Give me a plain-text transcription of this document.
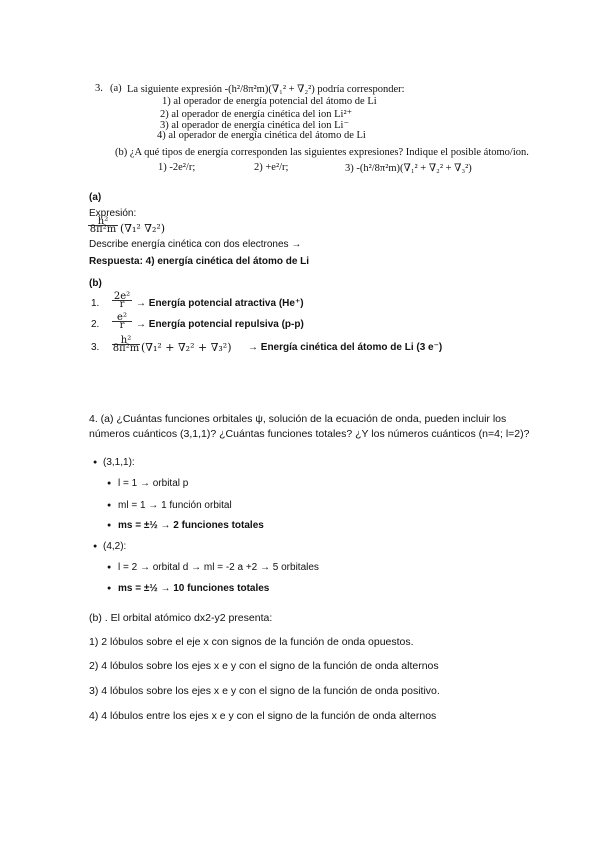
3. (a) La siguiente expresión -(h²/8π²m)(∇₁² + ∇₂²) podría corresponder:
1) al operador de energía potencial del átomo de Li
2) al operador de energía cinética del ion Li²⁺
3) al operador de energía cinética del ion Li⁻
4) al operador de energía cinética del átomo de Li
(b) ¿A qué tipos de energía corresponden las siguientes expresiones? Indique el posible átomo/ion.
1) -2e²/r;	2) +e²/r;	3) -(h²/8π²m)(∇₁² + ∇₂² + ∇₃²)
(a)
Expresión:
$\frac{\text{h²}}{\text{8π²m}} (\nabla_1^2$ ∇₂²)
Describe energía cinética con dos electrones →
Respuesta: 4) energía cinética del átomo de Li
(b)
1. $\frac{\text{2e²}}{r}$ → Energía potencial atractiva (He⁺)
2. $\frac{\text{e²}}{r}$ → Energía potencial repulsiva (p-p)
3. $\frac{\text{h²}}{\text{8π²m}} (\nabla_1^2 + \nabla_2^2 + \nabla_3^2)$ → Energía cinética del átomo de Li (3 e⁻)
4. (a) ¿Cuántas funciones orbitales ψ, solución de la ecuación de onda, pueden incluir los
números cuánticos (3,1,1)? ¿Cuántas funciones totales? ¿Y los números cuánticos (n=4; l=2)?
● (3,1,1):
● l = 1 → orbital p
● ml = 1 → 1 función orbital
● ms = ±½ → 2 funciones totales
● (4,2):
● l = 2 → orbital d → ml = -2 a +2 → 5 orbitales
● ms = ±½ → 10 funciones totales
(b) . El orbital atómico dx2-y2 presenta:
1) 2 lóbulos sobre el eje x con signos de la función de onda opuestos.
2) 4 lóbulos sobre los ejes x e y con el signo de la función de onda alternos
3) 4 lóbulos sobre los ejes x e y con el signo de la función de onda positivo.
4) 4 lóbulos entre los ejes x e y con el signo de la función de onda alternos
